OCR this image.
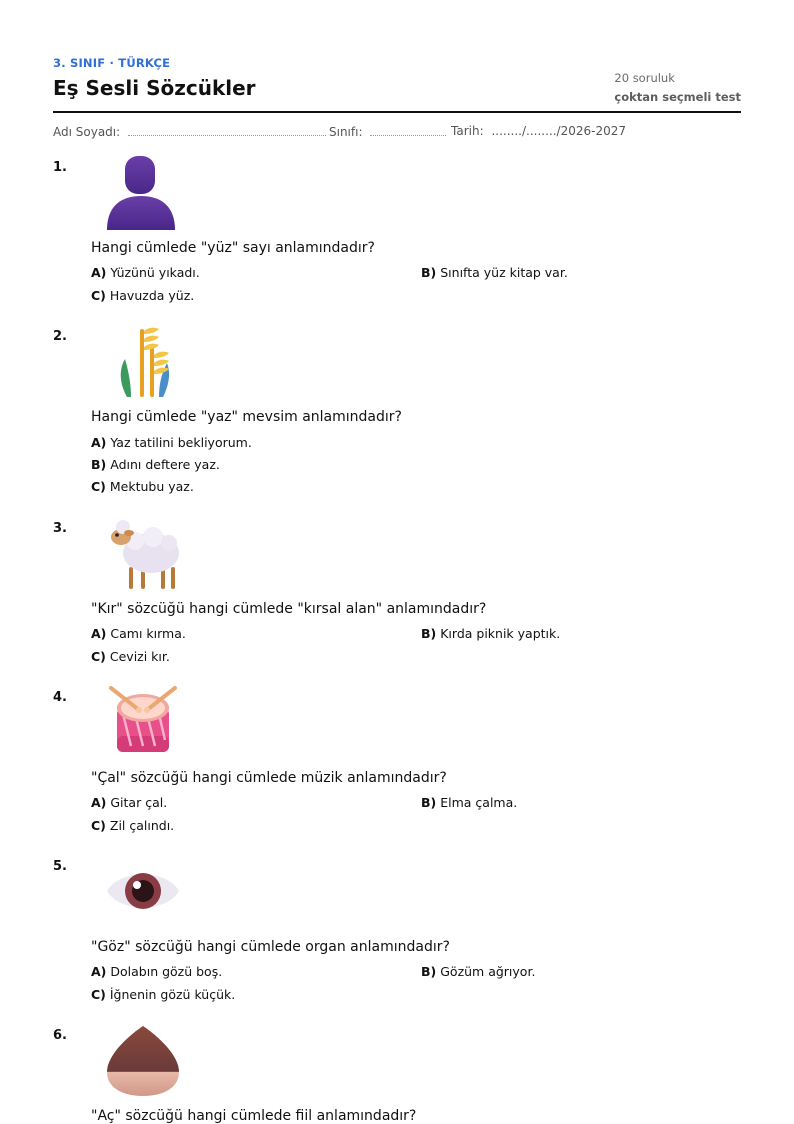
3. SINIF · TÜRKÇE
Eş Sesli Sözcükler	20 soruluk
çoktan seçmeli test
Adı Soyadı:	Sınıfı:	Tarih: ......../......../2026-2027
1.
Hangi cümlede "yüz" sayı anlamındadır?
A) Yüzünü yıkadı.	B) Sınıfta yüz kitap var.
C) Havuzda yüz.
2.
Hangi cümlede "yaz" mevsim anlamındadır?
A) Yaz tatilini bekliyorum.
B) Adını deftere yaz.
C) Mektubu yaz.
3.
"Kır" sözcüğü hangi cümlede "kırsal alan" anlamındadır?
A) Camı kırma.	B) Kırda piknik yaptık.
C) Cevizi kır.
4.
"Çal" sözcüğü hangi cümlede müzik anlamındadır?
A) Gitar çal.	B) Elma çalma.
C) Zil çalındı.
5.
"Göz" sözcüğü hangi cümlede organ anlamındadır?
A) Dolabın gözü boş.	B) Gözüm ağrıyor.
C) İğnenin gözü küçük.
6.
"Aç" sözcüğü hangi cümlede fiil anlamındadır?
